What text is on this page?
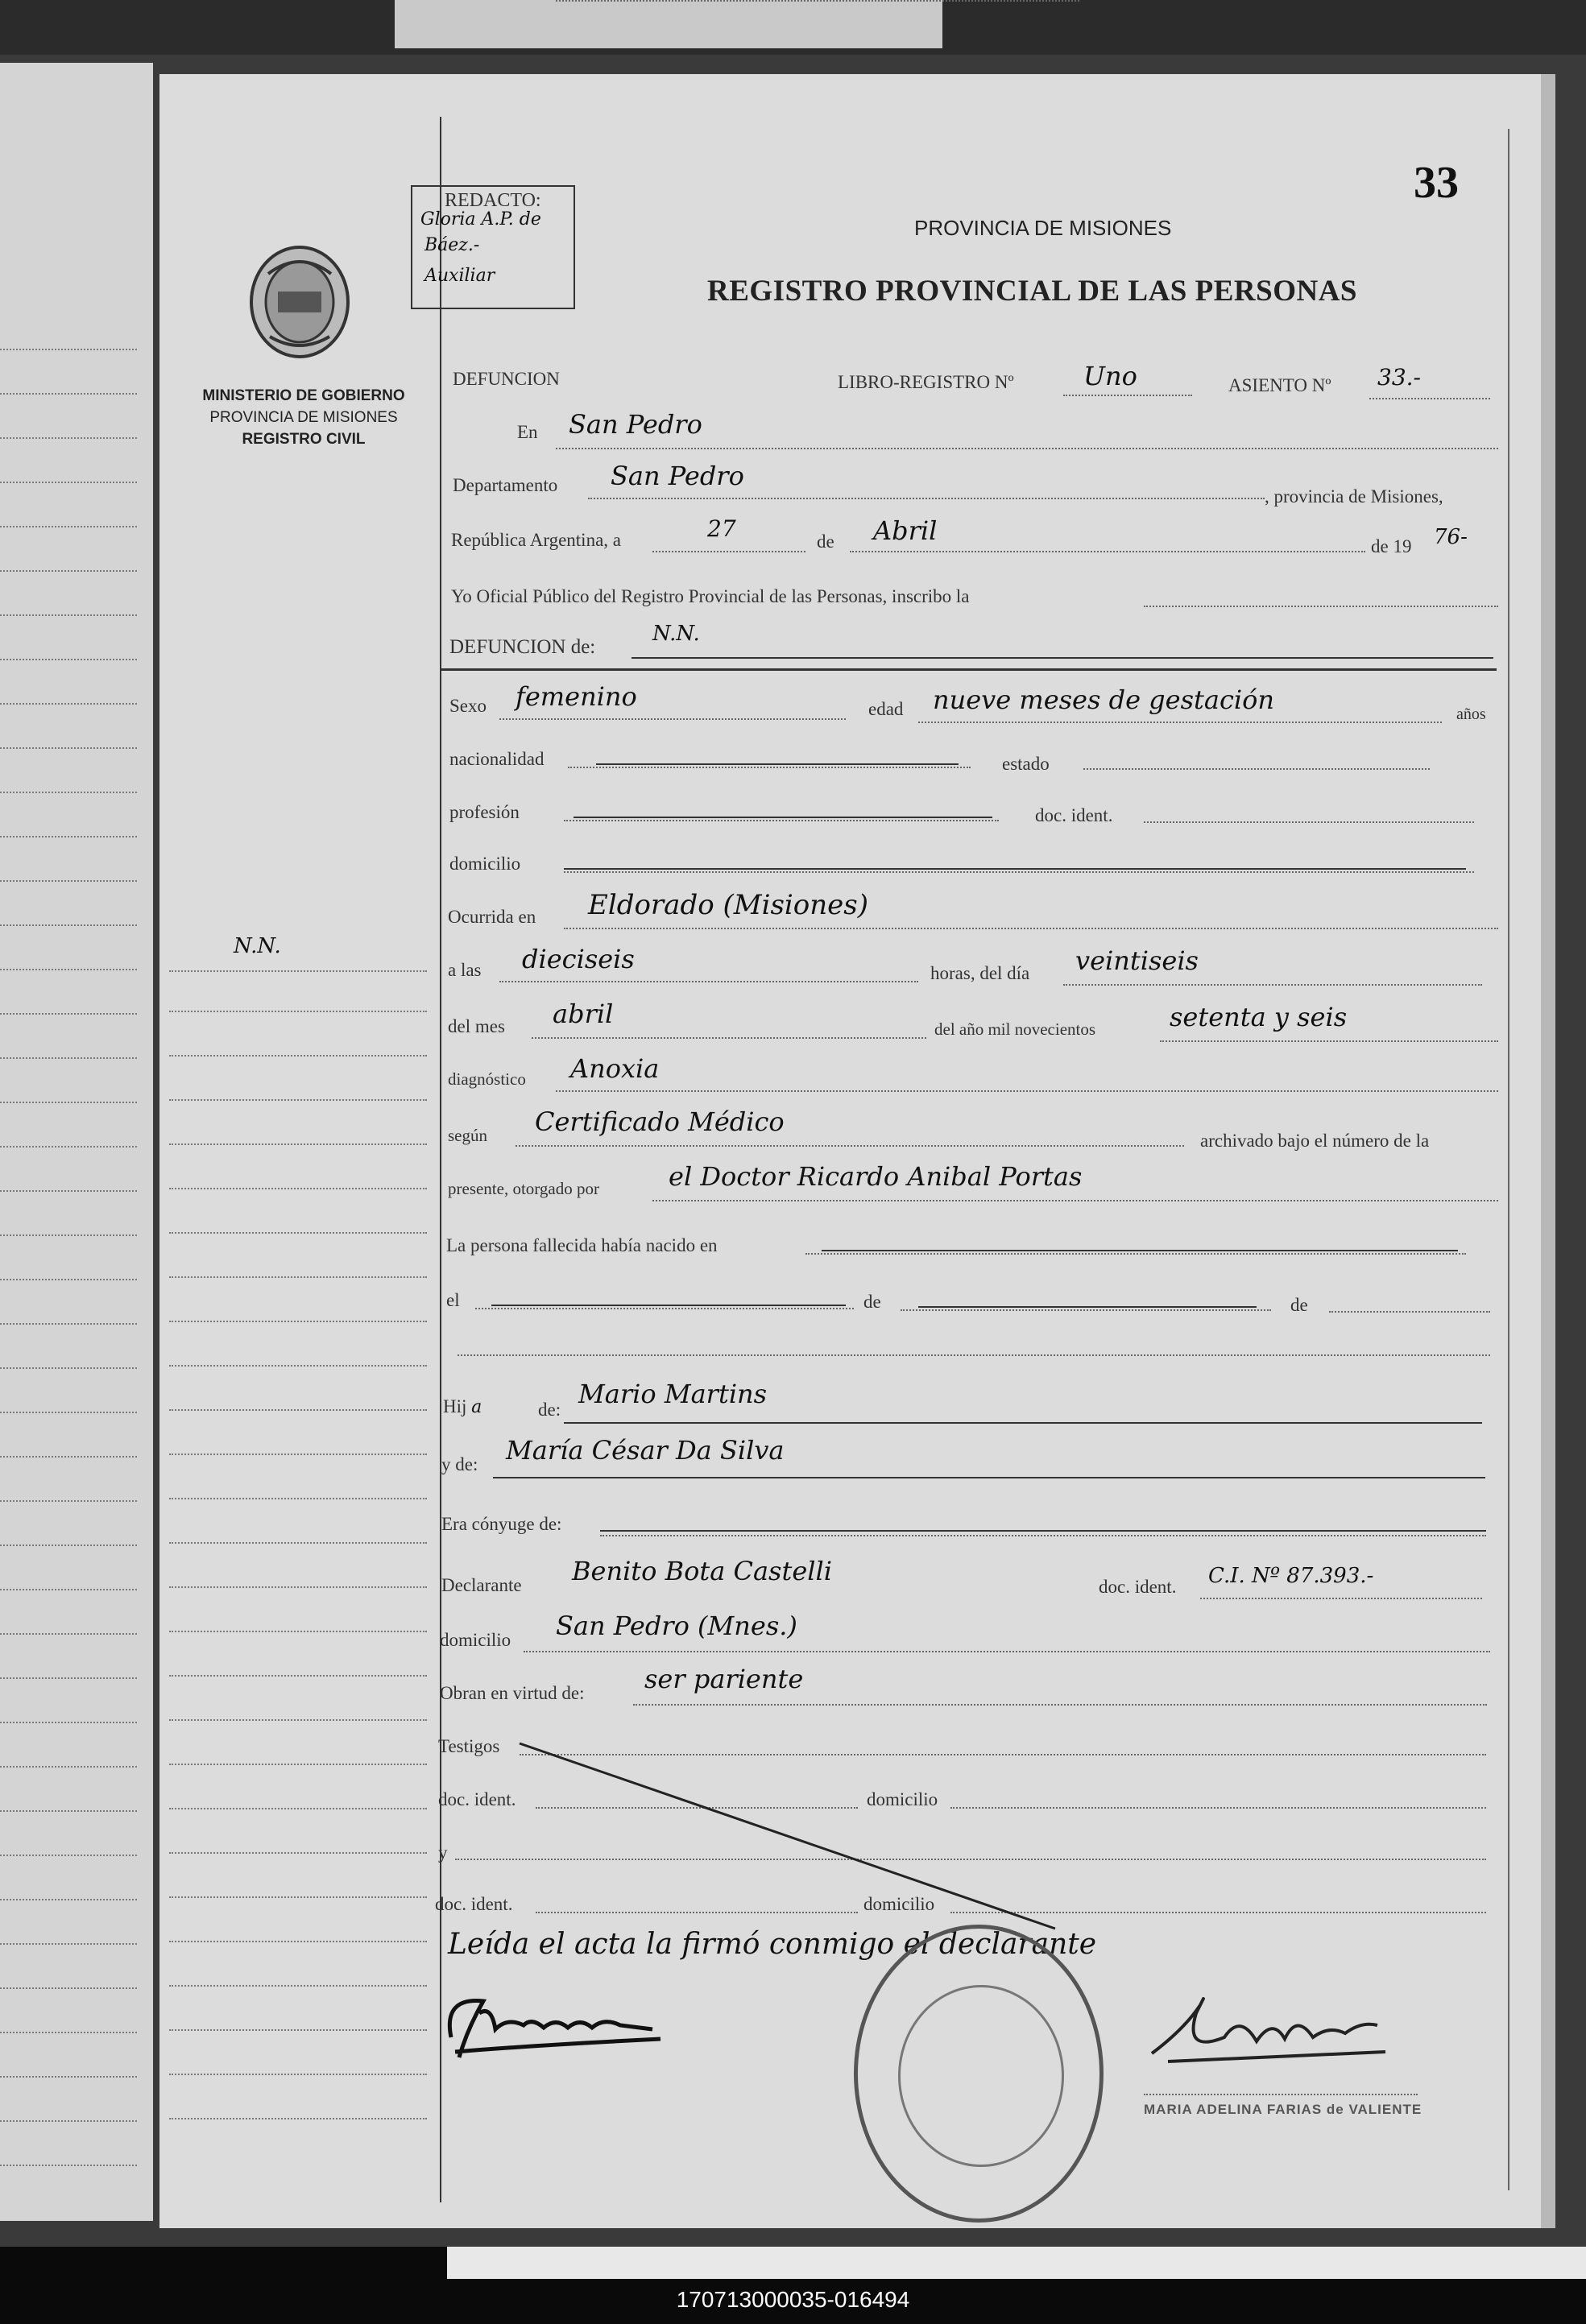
MINISTERIO DE GOBIERNO
PROVINCIA DE MISIONES
REGISTRO CIVIL
N.N.
REDACTO:
Gloria A.P. de
Báez.-
Auxiliar
33
PROVINCIA DE MISIONES
REGISTRO PROVINCIAL DE LAS PERSONAS
DEFUNCION	LIBRO-REGISTRO Nº	Uno	ASIENTO Nº 33.-
En San Pedro
Departamento San Pedro
, provincia de Misiones,
República Argentina, a	27	de Abril
de 19 76-
Yo Oficial Público del Registro Provincial de las Personas, inscribo la
DEFUNCION de:
N.N.
Sexo femenino	edad nueve meses de gestación	años
nacionalidad	estado
profesión	doc. ident.
domicilio
Ocurrida en Eldorado (Misiones)
a las dieciseis	horas, del día veintiseis
del mes abril	del año mil novecientos	setenta y seis
diagnóstico Anoxia
según Certificado Médico
archivado bajo el número de la
presente, otorgado por	el Doctor Ricardo Anibal Portas
La persona fallecida había nacido en
el	de	de
Hij a	de:
Mario Martins
y de: María César Da Silva
Era cónyuge de:
Declarante Benito Bota Castelli
doc. ident. C.I. Nº 87.393.-
domicilio San Pedro (Mnes.)
Obran en virtud de: ser pariente
Testigos
doc. ident.	domicilio
y
doc. ident.	domicilio
Leída el acta la firmó conmigo el declarante
MARIA ADELINA FARIAS de VALIENTE
170713000035-016494
